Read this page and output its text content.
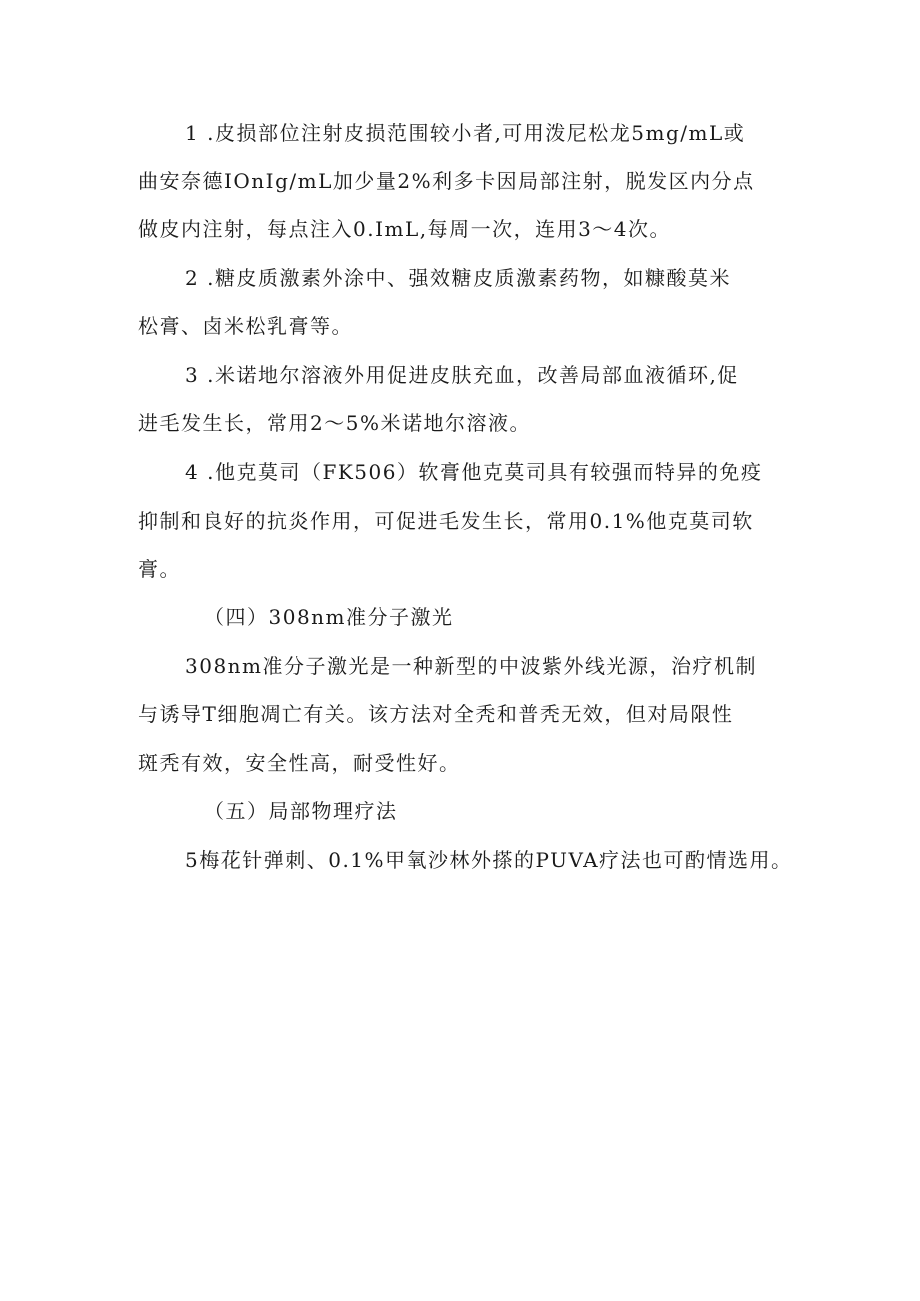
1 .皮损部位注射皮损范围较小者,可用泼尼松龙5mg/mL或
曲安奈德IOnIg/mL加少量2%利多卡因局部注射，脱发区内分点
做皮内注射，每点注入0.ImL,每周一次，连用3～4次。
2 .糖皮质激素外涂中、强效糖皮质激素药物，如糠酸莫米
松膏、卤米松乳膏等。
3 .米诺地尔溶液外用促进皮肤充血，改善局部血液循环,促
进毛发生长，常用2～5%米诺地尔溶液。
4 .他克莫司（FK506）软膏他克莫司具有较强而特异的免疫
抑制和良好的抗炎作用，可促进毛发生长，常用0.1%他克莫司软
膏。
（四）308nm准分子激光
308nm准分子激光是一种新型的中波紫外线光源，治疗机制
与诱导T细胞凋亡有关。该方法对全秃和普秃无效，但对局限性
斑秃有效，安全性高，耐受性好。
（五）局部物理疗法
5梅花针弹刺、0.1%甲氧沙林外搽的PUVA疗法也可酌情选用。
